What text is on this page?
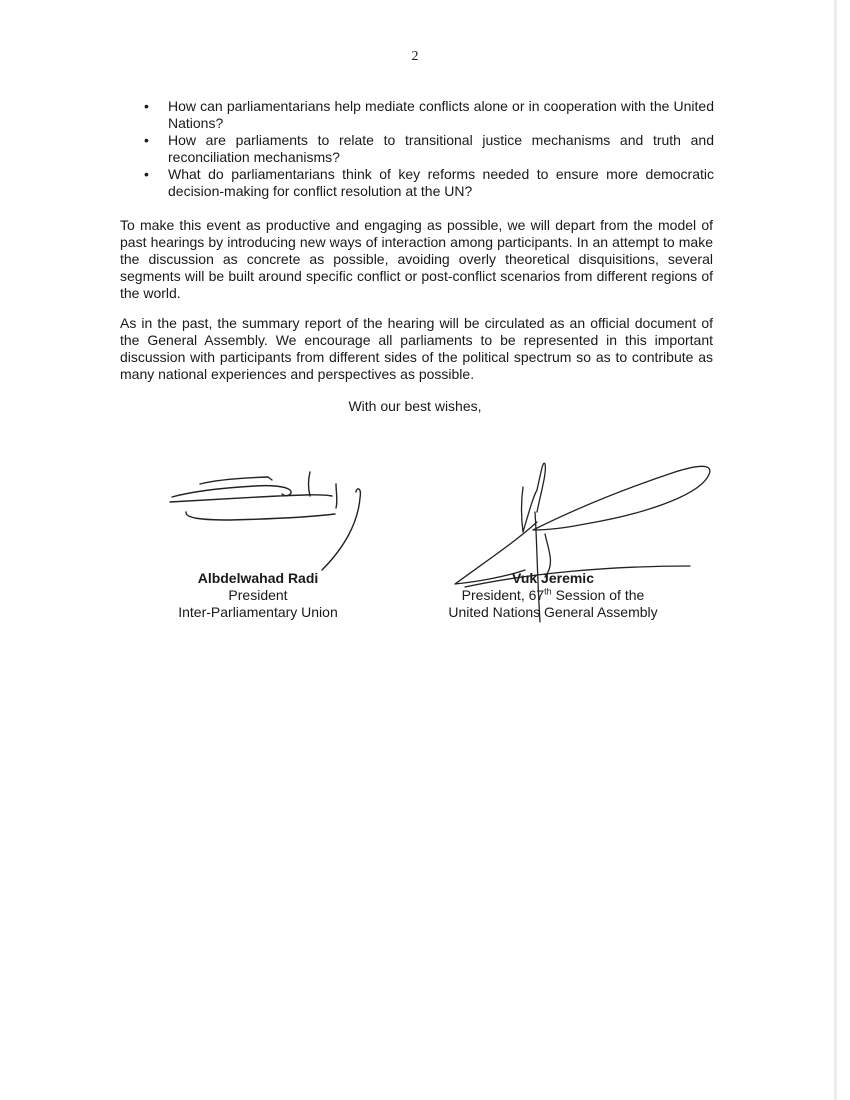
2
• How can parliamentarians help mediate conflicts alone or in cooperation with the United Nations?
• How are parliaments to relate to transitional justice mechanisms and truth and reconciliation mechanisms?
• What do parliamentarians think of key reforms needed to ensure more democratic decision-making for conflict resolution at the UN?

To make this event as productive and engaging as possible, we will depart from the model of past hearings by introducing new ways of interaction among participants. In an attempt to make the discussion as concrete as possible, avoiding overly theoretical disquisitions, several segments will be built around specific conflict or post-conflict scenarios from different regions of the world.

As in the past, the summary report of the hearing will be circulated as an official document of the General Assembly. We encourage all parliaments to be represented in this important discussion with participants from different sides of the political spectrum so as to contribute as many national experiences and perspectives as possible.

With our best wishes,
Albdelwahad Radi
President
Inter-Parliamentary Union
Vuk Jeremic
President, 67th Session of the
United Nations General Assembly
